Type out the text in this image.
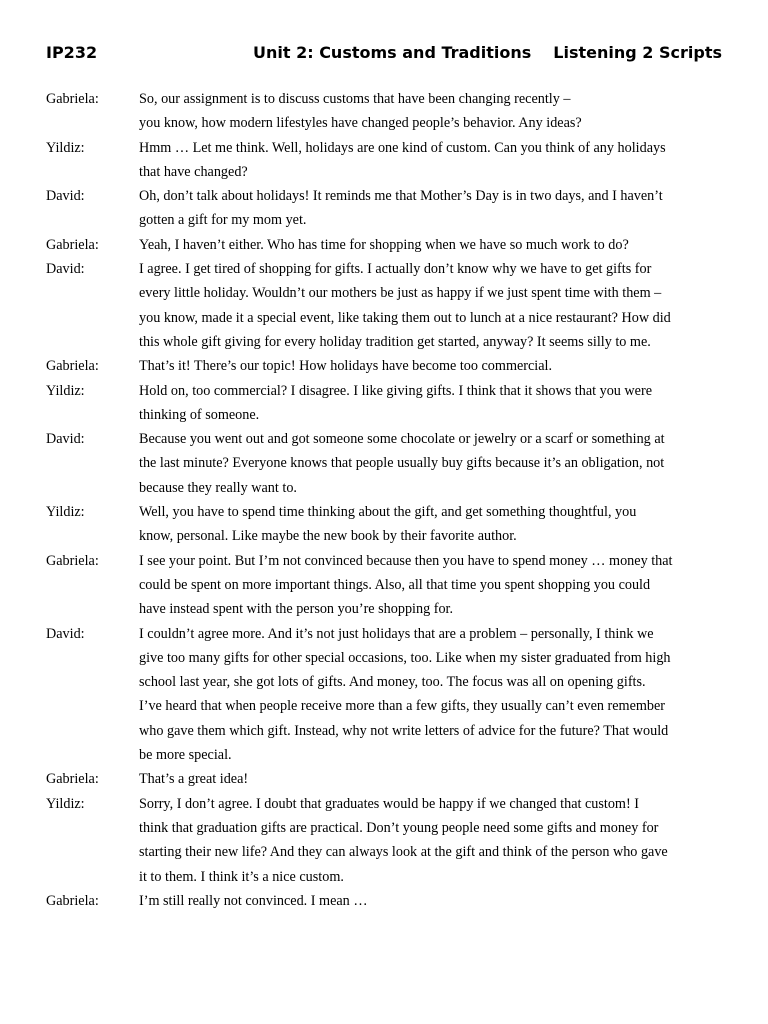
IP232	Unit 2: Customs and Traditions Listening 2 Scripts
Gabriela:	So, our assignment is to discuss customs that have been changing recently –
you know, how modern lifestyles have changed people’s behavior. Any ideas?
Yildiz:	Hmm … Let me think. Well, holidays are one kind of custom. Can you think of any holidays
that have changed?
David:	Oh, don’t talk about holidays! It reminds me that Mother’s Day is in two days, and I haven’t
gotten a gift for my mom yet.
Gabriela:	Yeah, I haven’t either. Who has time for shopping when we have so much work to do?
David:	I agree. I get tired of shopping for gifts. I actually don’t know why we have to get gifts for
every little holiday. Wouldn’t our mothers be just as happy if we just spent time with them –
you know, made it a special event, like taking them out to lunch at a nice restaurant? How did
this whole gift giving for every holiday tradition get started, anyway? It seems silly to me.
Gabriela:	That’s it! There’s our topic! How holidays have become too commercial.
Yildiz:	Hold on, too commercial? I disagree. I like giving gifts. I think that it shows that you were
thinking of someone.
David:	Because you went out and got someone some chocolate or jewelry or a scarf or something at
the last minute? Everyone knows that people usually buy gifts because it’s an obligation, not
because they really want to.
Yildiz:	Well, you have to spend time thinking about the gift, and get something thoughtful, you
know, personal. Like maybe the new book by their favorite author.
Gabriela:	I see your point. But I’m not convinced because then you have to spend money … money that
could be spent on more important things. Also, all that time you spent shopping you could
have instead spent with the person you’re shopping for.
David:	I couldn’t agree more. And it’s not just holidays that are a problem – personally, I think we
give too many gifts for other special occasions, too. Like when my sister graduated from high
school last year, she got lots of gifts. And money, too. The focus was all on opening gifts.
I’ve heard that when people receive more than a few gifts, they usually can’t even remember
who gave them which gift. Instead, why not write letters of advice for the future? That would
be more special.
Gabriela:	That’s a great idea!
Yildiz:	Sorry, I don’t agree. I doubt that graduates would be happy if we changed that custom! I
think that graduation gifts are practical. Don’t young people need some gifts and money for
starting their new life? And they can always look at the gift and think of the person who gave
it to them. I think it’s a nice custom.
Gabriela:	I’m still really not convinced. I mean …
